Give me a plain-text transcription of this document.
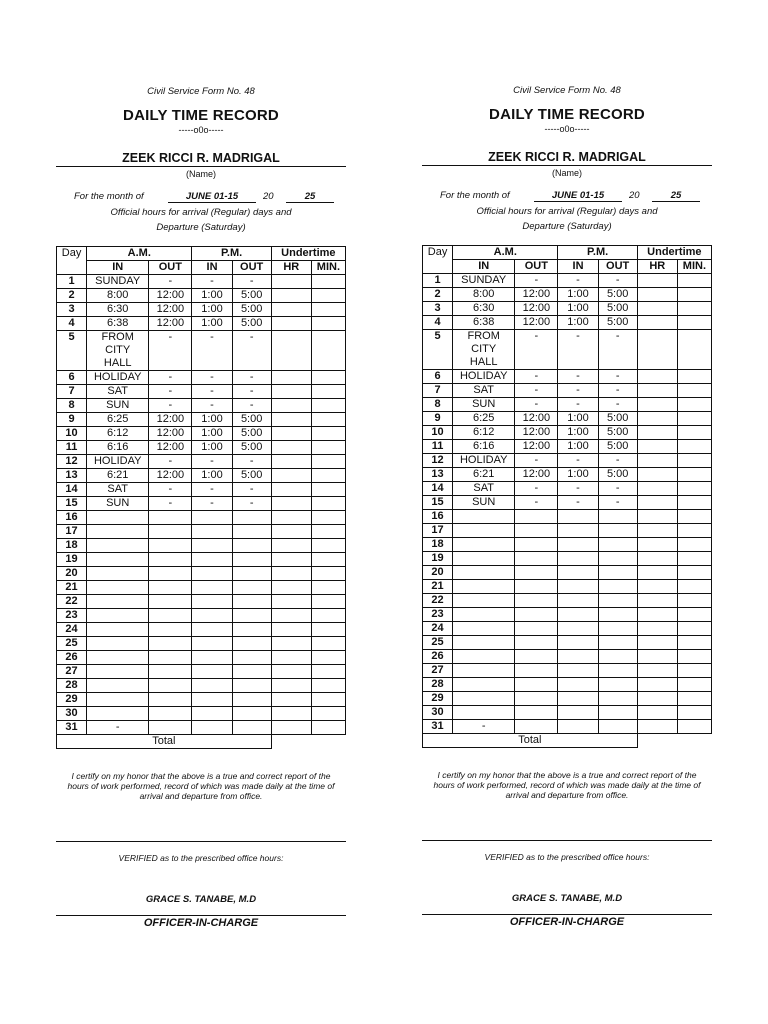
Civil Service Form No. 48
DAILY TIME RECORD
-----o0o-----
ZEEK RICCI R. MADRIGAL
(Name)
For the month of	JUNE 01-15	20	25
Official hours for arrival (Regular) days and
Departure (Saturday)
Day	A.M.		P.M.		Undertime	
	IN	OUT	IN	OUT	HR	MIN.
1	SUNDAY	-	-	-		
2	8:00	12:00	1:00	5:00		
3	6:30	12:00	1:00	5:00		
4	6:38	12:00	1:00	5:00		
5	FROM
CITY
HALL	-	-	-		
6	HOLIDAY	-	-	-		
7	SAT	-	-	-		
8	SUN	-	-	-		
9	6:25	12:00	1:00	5:00		
10	6:12	12:00	1:00	5:00		
11	6:16	12:00	1:00	5:00		
12	HOLIDAY	-	-	-		
13	6:21	12:00	1:00	5:00		
14	SAT	-	-	-		
15	SUN	-	-	-		
16						
17						
18						
19						
20						
21						
22						
23						
24						
25						
26						
27						
28						
29						
30						
31	-					
Total						
I certify on my honor that the above is a true and correct report of the hours of work performed, record of which was made daily at the time of arrival and departure from office.
VERIFIED as to the prescribed office hours:
GRACE S. TANABE, M.D
OFFICER-IN-CHARGE
Civil Service Form No. 48
DAILY TIME RECORD
-----o0o-----
ZEEK RICCI R. MADRIGAL
(Name)
For the month of	JUNE 01-15	20	25
Official hours for arrival (Regular) days and
Departure (Saturday)
Day	A.M.		P.M.		Undertime	
	IN	OUT	IN	OUT	HR	MIN.
1	SUNDAY	-	-	-		
2	8:00	12:00	1:00	5:00		
3	6:30	12:00	1:00	5:00		
4	6:38	12:00	1:00	5:00		
5	FROM
CITY
HALL	-	-	-		
6	HOLIDAY	-	-	-		
7	SAT	-	-	-		
8	SUN	-	-	-		
9	6:25	12:00	1:00	5:00		
10	6:12	12:00	1:00	5:00		
11	6:16	12:00	1:00	5:00		
12	HOLIDAY	-	-	-		
13	6:21	12:00	1:00	5:00		
14	SAT	-	-	-		
15	SUN	-	-	-		
16						
17						
18						
19						
20						
21						
22						
23						
24						
25						
26						
27						
28						
29						
30						
31	-					
Total						
I certify on my honor that the above is a true and correct report of the hours of work performed, record of which was made daily at the time of arrival and departure from office.
VERIFIED as to the prescribed office hours:
GRACE S. TANABE, M.D
OFFICER-IN-CHARGE
